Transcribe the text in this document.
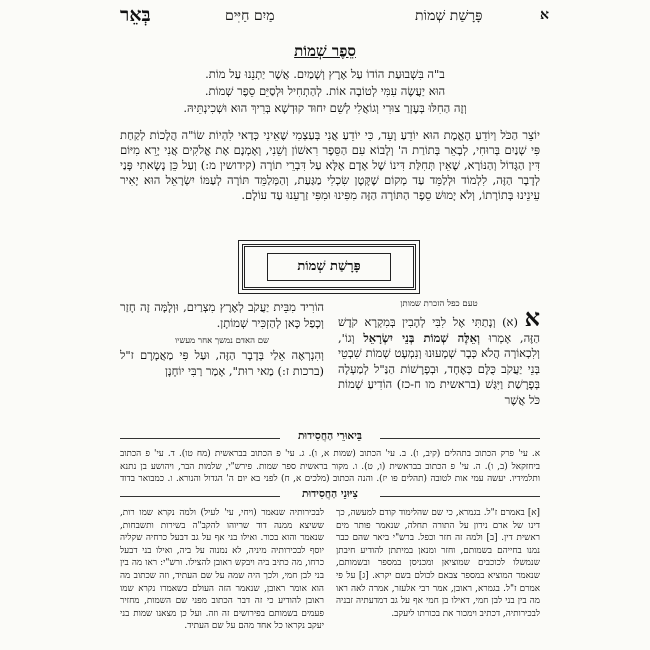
בְּאֵר	מַיִם חַיִּים	פָּרָשַׁת שְׁמוֹת	א
סֵפֶר שְׁמוֹת
ב"ה בִּשְׁבוּעַת הוֹדוֹ עַל אֶרֶץ וְשָׁמַיִם. אֲשֶׁר יַתְנֵנוּ עַל מוֹת.
הוּא יַעֲשֶׂה עִמִּי לְטוֹבָה אוֹת. לְהַתְחִיל וּלְסַיֵּם סֵפֶר שְׁמוֹת.
וְזֶה הַחִלּוּ בְּעֶזְרַ צוּרִי וְגוֹאֲלִי לְשֵׁם יִחוּד קוּדְשָׁא בְּרִיךְ הוּא וּשְׁכִינְתֵּיהּ.
יוֹצֵר הַכֹּל וְיוֹדֵעַ הָאֱמֶת הוּא יוֹדֵעַ וָעֵד, כִּי יוֹדֵעַ אֲנִי בְּעַצְמִי שֶׁאֵינִי כְּדַאי לִהְיוֹת שׂוֹ"ה הֲלָכוֹת לְקַחַת פִּי שְׁנַיִם בְּרוּחִי, לְבָאֵר בְּתוֹרַת ה' וְלָבוֹא עִם הַסֵּפֶר רִאשׁוֹן וְשֵׁנִי, וְאָמְנָם אֶת אֱלֹקִים אֲנִי יָרֵא מִיּוֹם דִּין הַגָּדוֹל וְהַנּוֹרָא, שֶׁאֵין תְּחִלַּת דִּינוֹ שֶׁל אָדָם אֶלָּא עַל דִּבְרֵי תוֹרָה (קידושין מ:) וְעַל כֵּן נָשָׂאתִי פָּנַי לְדָבָר הַזֶּה, לִלְמוֹד וּלְלַמֵּד עַד מְקוֹם שֶׁקָּטָן שִׂכְלִי מַגַּעַת, וְהַמְּלַמֵּד תּוֹרָה לְעַמּוֹ יִשְׂרָאֵל הוּא יָאִיר עֵינֵינוּ בְּתוֹרָתוֹ, וְלֹא יָמוּשׁ סֵפֶר הַתּוֹרָה הַזֶּה מִפִּינוּ וּמִפִּי זַרְעֵנוּ עַד עוֹלָם.
פָּרָשַׁת שְׁמוֹת
טעם כפל הזכרת שמותן	א (א) וְנָתַתִּי אֶל לִבִּי לְהָבִין בְּמִקְרָא קֹדֶשׁ הַזֶּה, אָמְרוּ וְאֵלֶּה שְׁמוֹת בְּנֵי יִשְׂרָאֵל וְגוֹ', וְלִכְאוֹרָה הֲלֹא כְּבָר שְׁמָעוּנוּ וְנִמְעָט שְׁמוֹת שִׁבְטֵי בְּנֵי יַעֲקֹב כֻּלָּם כְּאֶחָד, וּבְפָרָשׁוֹת הַנַּ"ל לְמַעְלָה בְּפָרָשַׁת וַיִּגַּשׁ (בראשית מו ח-כז) הוֹדִיעַ שְׁמוֹת כֹּל אֲשֶׁר
הוֹרִיד מִבֵּית יַעֲקֹב לְאֶרֶץ מִצְרַיִם, וּוְלָמָּה זֶה חָזַר וְכָפַל כָּאן לְהַזְכִּיר שְׁמוֹתָן.
שם האדם נמשך אחר מעשיו
וְהִנְרְאֶה אֵלַי בְּדָבָר הַזֶּה, וּעַל פִּי מַאֲמָרָם ז"ל (ברכות ז:) מַאי רוּת", אָמַר רַבִּי יוֹחָנָן
בֵּיאוּרֵי הַחֲסִידוּת
א. עי' פרק הכתוב בתהלים (קיב, ו). ב. עי' הכתוב (שמות א, ו). ג. עי' פ הכתוב בבראשית (מח טו). ד. עי' פ הכתוב ביחזקאל (ב, ו). ה. עי' פ הכתוב בבראשית (ו, ט). ו. מקור בראשית ספר שמות. פירש"י, שלמות הבר, ויהושע בן נתנא ותלמידיו. יעשה עמי אות לטובה (תהלים פו יז). והנה הכתוב (מלכים א, ח) לפני בא יום ה' הגדול והנורא. ו. כמבואר בדוד
צִיּוּנֵי הַחֲסִידוּת
[א] באמרם ז"ל. בגמרא, כי שם שהלימוד קודם למעשה, כך דינו של אדם נידון על התורה תחלה, שנאמר פותר מים ראשית דין. [ב] ולמה זה חזר וכפל. ברש"י ביאר שהם כבר נמנו בחייהם בשמותם, וחזר ומנאן במיתתן להודיע חיבתן שנמשלו לכוכבים שמוציאן ומכניסן במספר ובשמותם, שנאמר המוציא במספר צבאם לכולם בשם יקרא. [ג] על פי אמרם ז"ל. בגמרא, ראובן, אמר רבי אלעזר, אמרה לאה ראו מה בין בני לבן חמי, דאילו בן חמי אף על גב דמדעתיה זבניה לבכירותיה, דכתיב וימכור את בכורתו ליעקב.
לבכירותיה שנאמר (ויחי, עי' לעיל) ולמה נקרא שמו רות, ששיצא ממנה דוד שריוהו להקב"ה בשירות ותשבחות, שנאמר והוא בכור. ואילו בני אף על גב דבעל כרחיה שקליה יוסף לבכירותיה מיניה, לא נמנוה על ביה, ואילו בני דבעל כרחו, מה כתיב ביה ויבקש ראובן להצילו. ורש"י: ראו מה בין בני לבן חמי, ולכך היה שמה על שם העתיד, וזה שכתוב מה הוא אומר ראובן, שנאמר הזה העולם כשאמרו נקרא שמו ראובן להודיע כי זה דבר הכתוב מפני שם השמות, מחזיר פעמים בשמותם בפירושים זה וזה. ועל כן מצאנו שמות בני יעקב נקראו כל אחד מהם על שם העתיד.
